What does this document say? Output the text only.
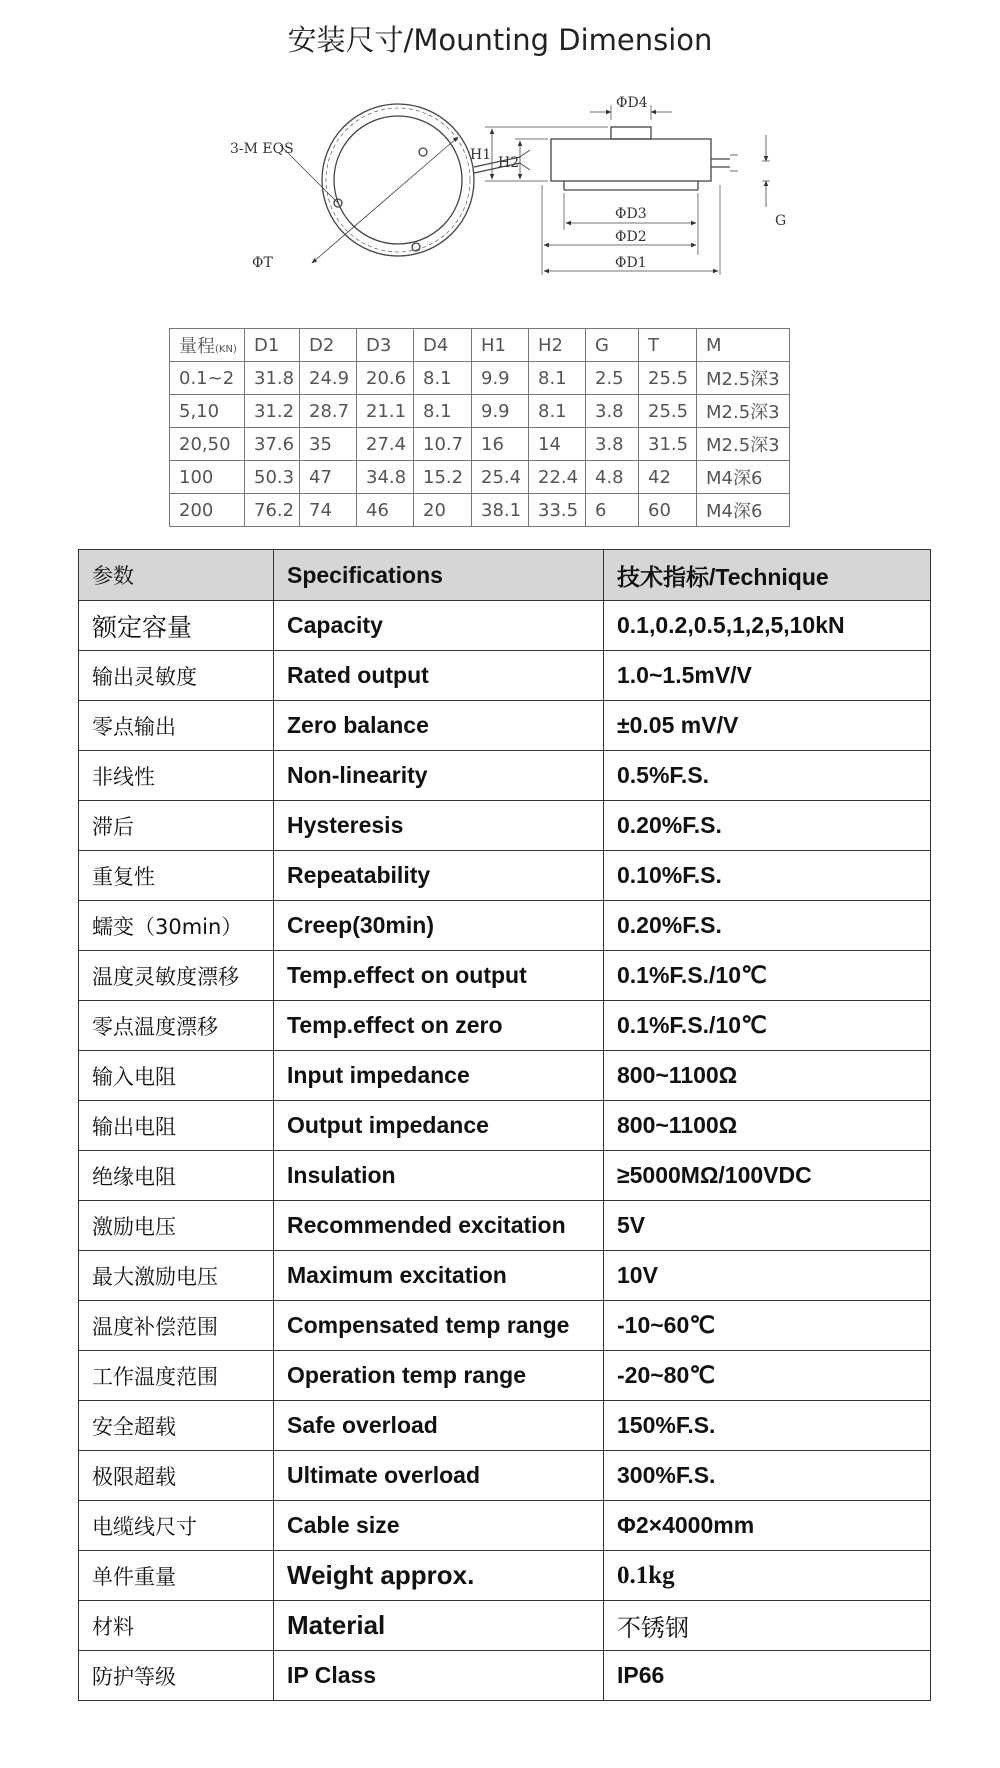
安装尺寸/Mounting Dimension
3-M EQS
ΦT
ΦD4
H1 H2
ΦD3
ΦD2
ΦD1
G
量程(KN)	D1	D2	D3	D4	H1	H2	G	T	M
0.1~2	31.8	24.9	20.6	8.1	9.9	8.1	2.5	25.5	M2.5深3
5,10	31.2	28.7	21.1	8.1	9.9	8.1	3.8	25.5	M2.5深3
20,50	37.6	35	27.4	10.7	16	14	3.8	31.5	M2.5深3
100	50.3	47	34.8	15.2	25.4	22.4	4.8	42	M4深6
200	76.2	74	46	20	38.1	33.5	6	60	M4深6
参数	Specifications	技术指标/Technique
额定容量	Capacity	0.1,0.2,0.5,1,2,5,10kN
输出灵敏度	Rated output	1.0~1.5mV/V
零点输出	Zero balance	±0.05 mV/V
非线性	Non-linearity	0.5%F.S.
滞后	Hysteresis	0.20%F.S.
重复性	Repeatability	0.10%F.S.
蠕变（30min）	Creep(30min)	0.20%F.S.
温度灵敏度漂移	Temp.effect on output	0.1%F.S./10℃
零点温度漂移	Temp.effect on zero	0.1%F.S./10℃
输入电阻	Input impedance	800~1100Ω
输出电阻	Output impedance	800~1100Ω
绝缘电阻	Insulation	≥5000MΩ/100VDC
激励电压	Recommended excitation	5V
最大激励电压	Maximum excitation	10V
温度补偿范围	Compensated temp range	-10~60℃
工作温度范围	Operation temp range	-20~80℃
安全超载	Safe overload	150%F.S.
极限超载	Ultimate overload	300%F.S.
电缆线尺寸	Cable size	Φ2×4000mm
单件重量	Weight approx.	0.1kg
材料	Material	不锈钢
防护等级	IP Class	IP66
